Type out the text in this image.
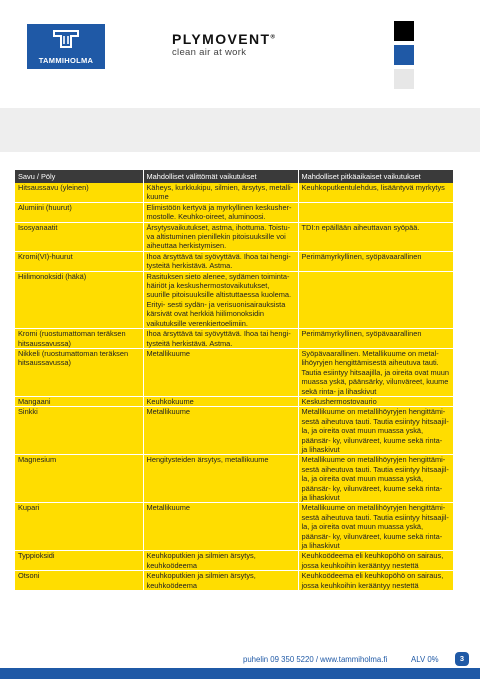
TAMMIHOLMA
PLYMOVENT®
clean air at work
Savu / Pöly	Mahdolliset välittömät vaikutukset	Mahdolliset pitkäaikaiset vaikutukset
Hitsaussavu (yleinen)	Käheys, kurkkukipu, silmien, ärsytys, metalli- kuume	Keuhkoputkentulehdus, lisääntyvä myrkytys
Alumiini (huurut)	Elimistöön kertyvä ja myrkyllinen keskusher- mostolle. Keuhko-oireet, aluminoosi.	
Isosyanaatit	Ärsytysvaikutukset, astma, ihottuma. Toistu- va altistuminen pienillekin pitoisuuksille voi aiheuttaa herkistymisen.	TDI:n epäillään aiheuttavan syöpää.
Kromi(VI)-huurut	Ihoa ärsyttävä tai syövyttävä. Ihoa tai hengi- tysteitä herkistävä. Astma.	Perimämyrkyllinen, syöpävaarallinen
Hiilimonoksidi (häkä)	Rasituksen sieto alenee, sydämen toiminta- häiriöt ja keskushermostovaikutukset, suurille pitoisuuksille altistuttaessa kuolema. Erityi- sesti sydän- ja verisuonisairauksista kärsivät ovat herkkiä hiilimonoksidin vaikutuksille verenkiertoelimiin.	
Kromi (ruostumattoman teräksen hitsaussavussa)	Ihoa ärsyttävä tai syövyttävä. Ihoa tai hengi- tysteitä herkistävä. Astma.	Perimämyrkyllinen, syöpävaarallinen
Nikkeli (ruostumattoman teräksen hitsaussavussa)	Metallikuume	Syöpävaarallinen. Metallikuume on metal- lihöyryjen hengittämisestä aiheutuva tauti. Tautia esiintyy hitsaajilla, ja oireita ovat muun muassa yskä, päänsärky, vilunväreet, kuume sekä rinta- ja lihaskivut
Mangaani	Keuhkokuume	Keskushermostovaurio
Sinkki	Metallikuume	Metallikuume on metallihöyryjen hengittämi- sestä aiheutuva tauti. Tautia esiintyy hitsaajil- la, ja oireita ovat muun muassa yskä, päänsär- ky, vilunväreet, kuume sekä rinta- ja lihaskivut
Magnesium	Hengitysteiden ärsytys, metallikuume	Metallikuume on metallihöyryjen hengittämi- sestä aiheutuva tauti. Tautia esiintyy hitsaajil- la, ja oireita ovat muun muassa yskä, päänsär- ky, vilunväreet, kuume sekä rinta- ja lihaskivut
Kupari	Metallikuume	Metallikuume on metallihöyryjen hengittämi- sestä aiheutuva tauti. Tautia esiintyy hitsaajil- la, ja oireita ovat muun muassa yskä, päänsär- ky, vilunväreet, kuume sekä rinta- ja lihaskivut
Typpioksidi	Keuhkoputkien ja silmien ärsytys, keuhkoödeema	Keuhkoödeema eli keuhkopöhö on sairaus, jossa keuhkoihin kerääntyy nestettä
Otsoni	Keuhkoputkien ja silmien ärsytys, keuhkoödeema	Keuhkoödeema eli keuhkopöhö on sairaus, jossa keuhkoihin kerääntyy nestettä
puhelin 09 350 5220 / www.tammiholma.fi	ALV 0%	3
